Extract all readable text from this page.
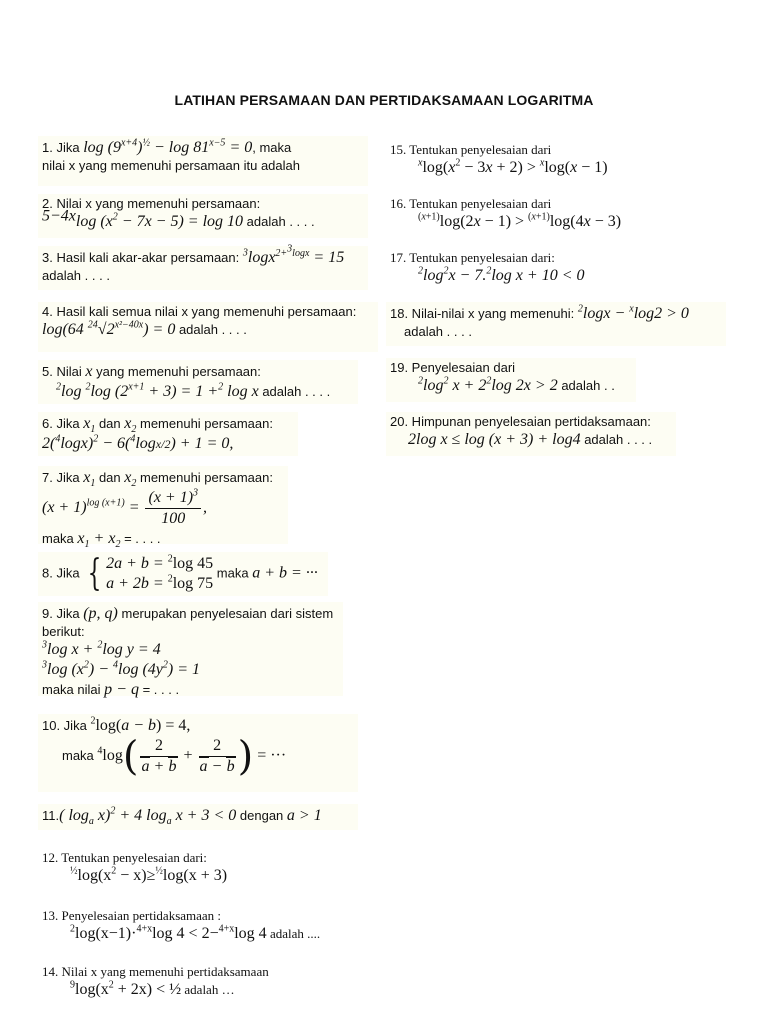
LATIHAN PERSAMAAN DAN PERTIDAKSAMAAN LOGARITMA
1. Jika $\log (9^{x+4})^{\frac{1}{2}} - \log 81^{x-5} = 0$, maka
nilai x yang memenuhi persamaan itu adalah
2. Nilai x yang memenuhi persamaan:
$^{5-4x}$log $(x^2 - 7x - 5) = \log 10$ adalah . . . .
3. Hasil kali akar-akar persamaan: $^3$logx$^{2+^3logx}$ = 15
adalah . . . .
4. Hasil kali semua nilai x yang memenuhi persamaan:
log(64 $^{24}√2^{x^2-40x}) = 0$ adalah . . . .
5. Nilai x yang memenuhi persamaan:
$^2$log $^2$log $(2^{x+1} + 3) = 1 +^2$ log x adalah . . . .
6. Jika $x_1$ dan $x_2$ memenuhi persamaan:
$2(^4\log x)^2 - 6(^4\log x/2) + 1 = 0$,
7. Jika $x_1$ dan $x_2$ memenuhi persamaan:
$(x + 1)^{log (x+1)} = \frac{(x + 1)^3}{100}$ ,
maka $x_1 + x_2$ = . . . .
8. Jika { 2a + b = $^2$log 45
a + 2b = $^2$log 75
maka a + b = ···
9. Jika (p, q) merupakan penyelesaian dari sistem
berikut:
$^3$log x + $^2$log y = 4
$^3$log $(x^2) - ^4\log$ $(4y^2) = 1$
maka nilai p − q = . . . .
10. Jika $^2$log(a − b) = 4,
maka $^4\log( \frac{2}{a + b} + \frac{2}{a - b}$ ) = ···
11.( $\log_a x)^2 + 4$ $\log_a x + 3 < 0$ dengan a > 1
12. Tentukan penyelesaian dari:
$^{\frac{1}{2}}\log(x^2 - x)\ge^{\frac{1}{2}}\log(x + 3)$
13. Penyelesaian pertidaksamaan :
$^2$log(x−1)·$^{4+x}$log 4 < 2−$^{4+x}$log 4 adalah ....
14. Nilai x yang memenuhi pertidaksamaan
$^9\log(x^2 + 2x)$ < ½ adalah …
15. Tentukan penyelesaian dari
$^x\log(x^2 - 3x + 2) > ^x\log(x - 1)$
16. Tentukan penyelesaian dari
$^{(x+1)}$log(2x − 1) > $^{(x+1)}$log(4x − 3)
17. Tentukan penyelesaian dari:
$^2\log^2x - 7.^2\log$ x + 10 < 0
18. Nilai-nilai x yang memenuhi: $^2$logx − $^x$log2 > 0
adalah . . . .
19. Penyelesaian dari
$^2\log^2$ $x + 2^2\log$ 2x > 2 adalah . .
20. Himpunan penyelesaian pertidaksamaan:
2log x ≤ log (x + 3) + log4 adalah . . . .
